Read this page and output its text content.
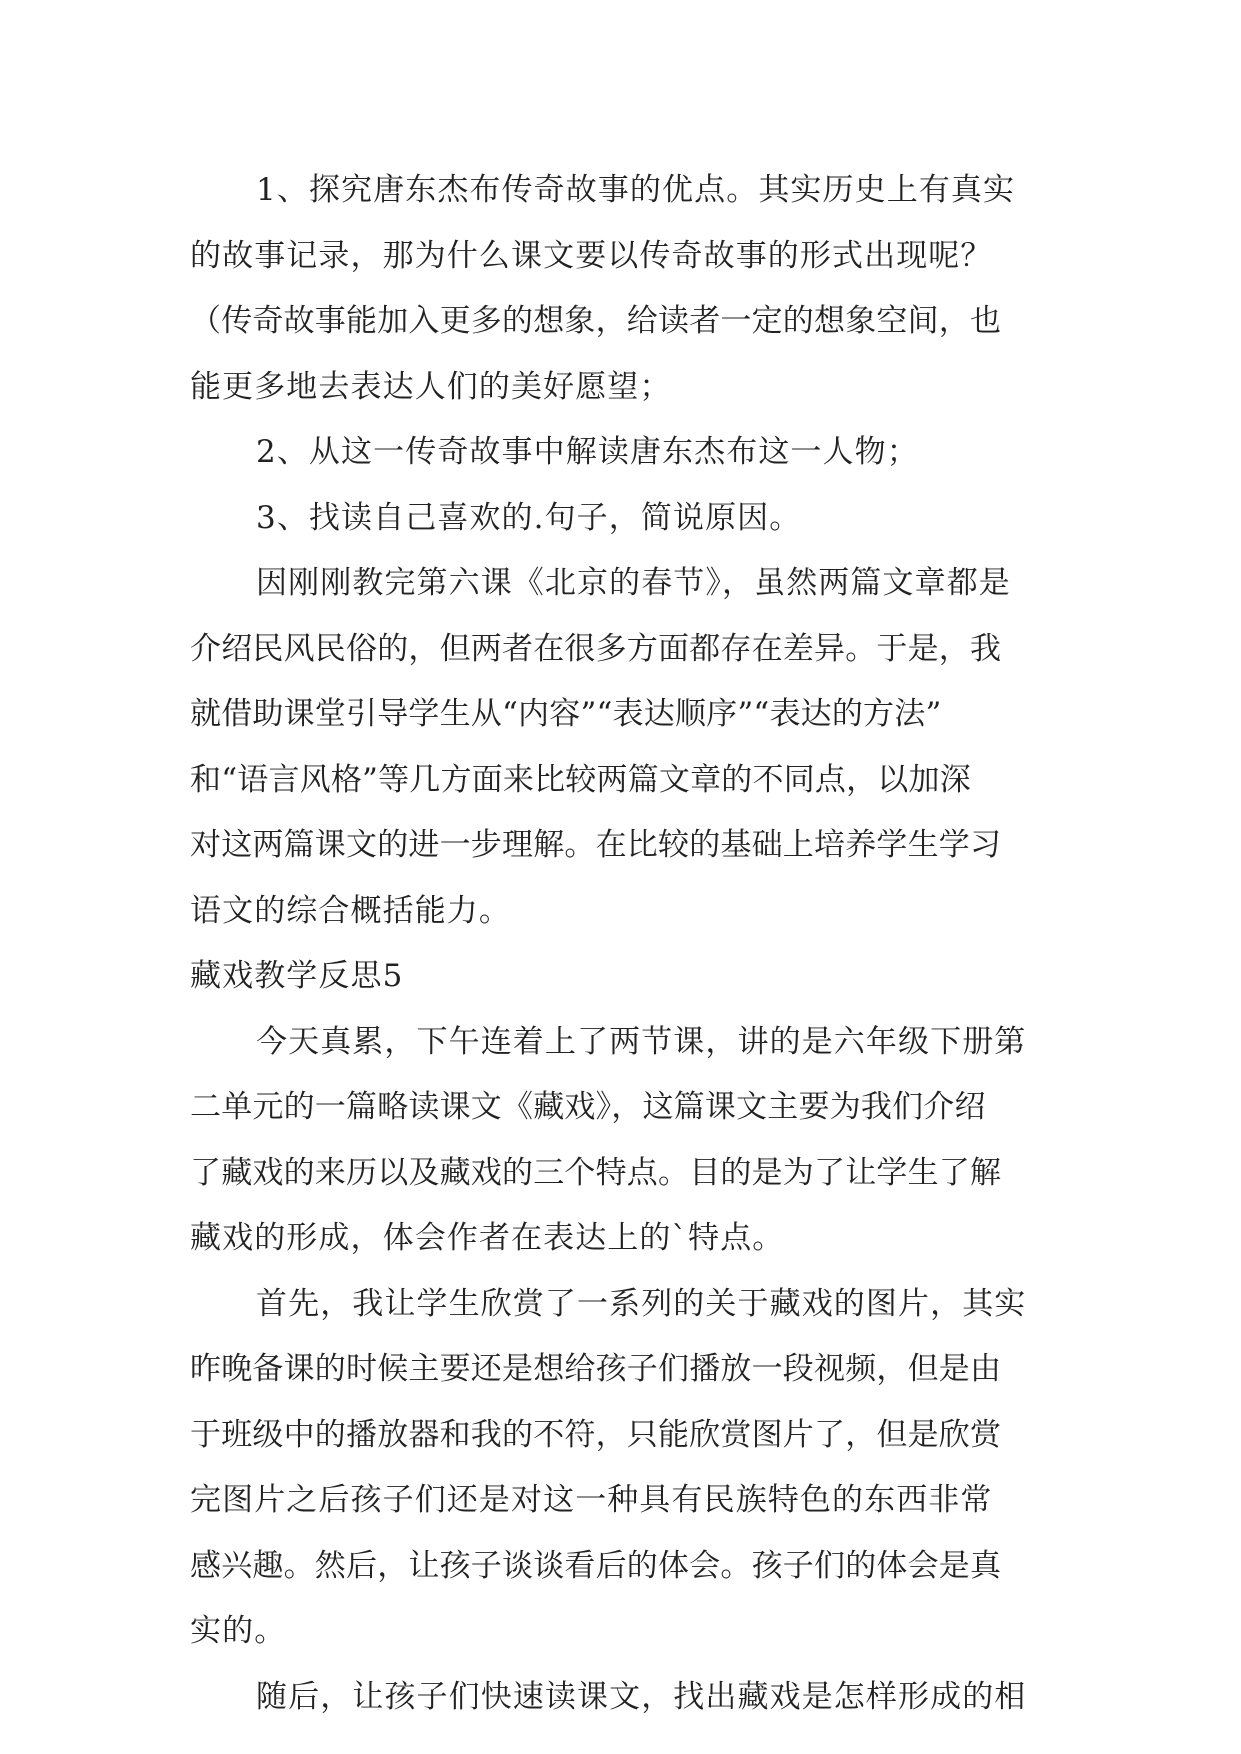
1、探究唐东杰布传奇故事的优点。其实历史上有真实
的故事记录，那为什么课文要以传奇故事的形式出现呢？
（传奇故事能加入更多的想象，给读者一定的想象空间，也
能更多地去表达人们的美好愿望；
2、从这一传奇故事中解读唐东杰布这一人物；
3、找读自己喜欢的.句子，简说原因。
因刚刚教完第六课《北京的春节》，虽然两篇文章都是
介绍民风民俗的，但两者在很多方面都存在差异。于是，我
就借助课堂引导学生从“内容”“表达顺序”“表达的方法”
和“语言风格”等几方面来比较两篇文章的不同点，以加深
对这两篇课文的进一步理解。在比较的基础上培养学生学习
语文的综合概括能力。
藏戏教学反思5
今天真累，下午连着上了两节课，讲的是六年级下册第
二单元的一篇略读课文《藏戏》，这篇课文主要为我们介绍
了藏戏的来历以及藏戏的三个特点。目的是为了让学生了解
藏戏的形成，体会作者在表达上的`特点。
首先，我让学生欣赏了一系列的关于藏戏的图片，其实
昨晚备课的时候主要还是想给孩子们播放一段视频，但是由
于班级中的播放器和我的不符，只能欣赏图片了，但是欣赏
完图片之后孩子们还是对这一种具有民族特色的东西非常
感兴趣。然后，让孩子谈谈看后的体会。孩子们的体会是真
实的。
随后，让孩子们快速读课文，找出藏戏是怎样形成的相
